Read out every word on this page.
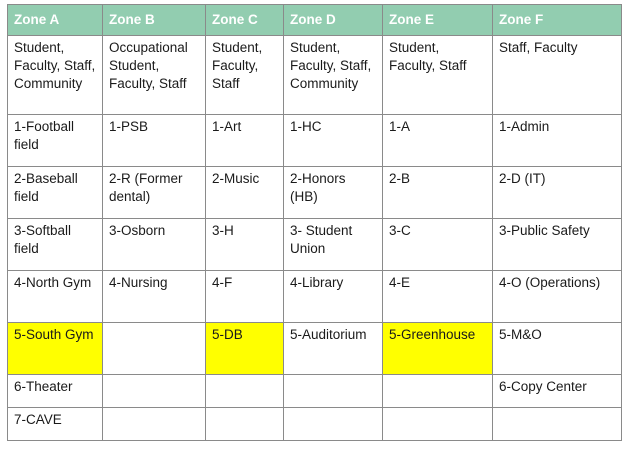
Zone A	Zone B	Zone C	Zone D	Zone E	Zone F
Student, Faculty, Staff, Community	Occupational Student, Faculty, Staff	Student, Faculty, Staff	Student, Faculty, Staff, Community	Student, Faculty, Staff	Staff, Faculty
1-Football field	1-PSB	1-Art	1-HC	1-A	1-Admin
2-Baseball field	2-R (Former dental)	2-Music	2-Honors (HB)	2-B	2-D (IT)
3-Softball field	3-Osborn	3-H	3- Student Union	3-C	3-Public Safety
4-North Gym	4-Nursing	4-F	4-Library	4-E	4-O (Operations)
5-South Gym		5-DB	5-Auditorium	5-Greenhouse	5-M&O
6-Theater					6-Copy Center
7-CAVE					
